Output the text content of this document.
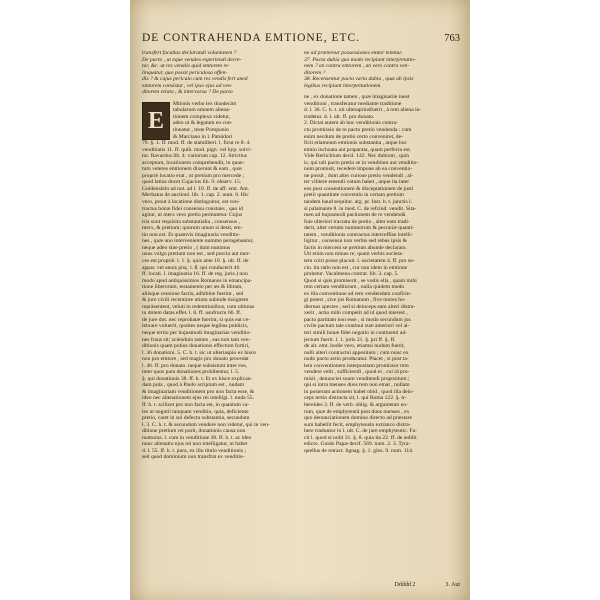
DE CONTRAHENDA EMTIONE, ETC.	763
transfert facultas declarandi voluntatem ?
De pacto , ut eque venales experiendi decre-
tur, &c. ut res venalis quid emtorem re-
linquatur, quo possit periculosa offen-
dis ? & cujus periculo cum res vendis fert aned
emtorem consistat , vel ipso ejus ad ven-
ditorem relata , & intervorsa ? De pacto
E
Mtionis verbo lex duodecim
tabularum omnem aliena-
tionem complexa videtur,
adeo ut & legatum eo con-
tineatur , teste Pomponio
& Marciano in l. Patuldori
79. §. 1. ff. mod. ff. de statuliberi. l. ficut re 8. 4.
venditiatis 11. ff. quib. mod. pign. vel hyp. solvi-
tur. Ravardus lib. 4. variorum cap. 12. Strictius
acceptum, locationem comprehendit, in quan-
tum veteres emtionem dixerunt & eam , quæ
propriè locatio erat , ut pretium pro mercede ;
quod latius docet Cujacius lib. 9. observ. 15.
Goldenslein ad not. ad l. 10. ff. de aff. emt. Ant.
Merhatus de auctioni. lib. 1. cap. 2. num. 6. Hic
vero, prout à locatione distinguitur, est con-
tractus bonæ fidei consensu constans , quo id
agitur, ut merx vero pretio permutetur. Cujus
tria sunt requisita substantialia , consensus ,
merx, & pretium; quorum unum si desit, em-
tio non est. Et quamvis imaginaria venditio-
nes , quæ uno interveniente nummo peragebantur,
neque adeo sine pretio , ( dum nummus
unus vulgo pretium non est , sed porcio aut mer-
ces est propriè. l. 1. §. quis ante 10. §. ult. ff. de
appar. vel anuis pisç. l. ß. qui conducerit 46.
ff. locati. l. imaginaria 16. ff. de reg. juris.) non
modo apud antiquissimos Romanos in emancipa-
tione liberorum, testamento per æs & libram,
aliisque cessione factis, adhibitæ fuerint , sed
& jure civili recentiore utium subinde insignem
repräsentent, veluti in redemtionibus, cum ultimas
in dotem datas effet. l. 6. ff. usufructu 66. ff.
de jure dot. nec reprobatæ fuerint, si quis eat ce-
lebrare voluerit, quoties neque legibus publicis,
neque tertio per hujusmodi imaginarias venditio-
nes fraus sit; scienduin tamen , eas non tam ven-
ditionis quam potius donationis effectum fortiri,
l. 36 donationi. 5. C. h. t. sic ut ulteriaspio ex hisce
non pro emtore , sed magis pro donato procedat
l. 46. ff. pro donato. neque subsistunt inter eos,
inter quos para donationes prohibentur, l. 5.
§. qui donationis 38. ff. h. t. Et ex hisce explican-
dam puta , quod à Paulo scriptum est , nudam
& imaginariam venditionem pro non facta esse, &
ideo nec alienationem ejus rei intelligi. l. nuda 55.
ff. h. t. scilicet pro non facta est, in quantum va-
les ut negotii tanquam venditio, quia, deficiente
pretio, caret in sui defectu substantia, secundum
l. 3. C. h. t. & secundum vendere non videtur, qui in ven-
ditione pretium rei porit, donationis causa non
matturus. l. cum in venditione 38. ff. h. t. ac ideo
nunc alienatio ejus rei non intelligatur, ut habet
d. l. 55. ff. h. t. pura, ex illo titulo venditionis ;
sed quod dominium non transfrat ex venditio-
ne ad prætereur possessiones emtor tenetur.
37. Pacta dubia quo modo recipiant interpretatio-
nem ? an contra emtorem , an vero contra ven-
ditorem ?
38. Recensentur pacta varia dubia , quæ ab ipsis
legibus recipiunt interpretationem.
ne , ex donatione tamen , quæ imaginariæ inest
venditioni , transferatur mediante traditione
d. l. 36. C. h. t. uti ulterapriusfuerit , à rem aliena lu-
tradetur. d. l. ult. ff. pro donato.
2. Dictat autem ab hoc venditionis contra-
ctu promissio de re pacto pretio vendenda : cum
enim necdum de pretio certo conveniret, de-
ficit etiamnum emtionis substantia , atque hoc
emtio inchoata aut praparata, quam perfecta est.
Vide Berlichium decil. 142. Nec dubium , quin
is, qui tali pacto pretio se in venditum aut venditio-
num promisit, recedere impune ab ea conventio-
ne possit , dum alter curiose pretio vendendi , al-
ter vilitere emendi votum habet , atque ita inter
eos post consentionem & disceptationem de justi
pretii quantitate conventio in certam pretium
tandem haud sequitur. arg. pr. Inst. h. t. junctis l.
si palamante 8. in med. C. de refcind. vendit. Sita-
men ad hujusmodi pactionem de re vendendâ
fuie ulteriori tractatu de pretio , alter eam tradi-
derit, alter certam nummorum & pecuniæ quanti-
tatem , venditionis contractus interceffise intelli-
ligitur , consensu non verbis sed rebus ipsis &
factis in merceni se pretium abunde declarato.
Uti enim non minus re, quam verbis societa-
tem coiri posse placuit. l. societatem 4. ff. pro so-
cio. ita ratio non est , cur non idem in emtione
probetur. Vacalmena contrat. lib. 3. cap. 5.
Quod si quis promiserit , se vodis ella , quam mihi
rem certam venditurum , nulla quidem modo
ex illa conventione ad rem vendendam confirin-
gi potest , sive jus Romanum , five mores ho-
diernos spectes ; sed si deinceps eam alteri distra-
xerit , actio mihi competit ad id quod interest ,
pacto partitam non esse , si modo secundum jus
civile pactum tale continui suæ anteriori vel al-
teri simili bonæ fidei negotio in continenti ad-
jectum fuerit. l. 1. juris 21. §. pri ff. §. ff.
de ait. emt. hodie vero, etiamsi nudum fuerit,
nulli alteri contractui appositum ; cum nunc ex
nudo pacto actio producatur. Placet , si post ta-
lem conventionem interpositam promissor rem
vendere velit , sufficiendi , quod ei , cui id pro-
misit , denunciet suum venditendi propositum ;
qui si intra menses duos rem non emat , nullam
in posteram actionem habet obid , quod illa dein-
ceps tertio distracta sit, l. qui Roma 122. §. tr-
bereides 3. ff. de verb. oblig. & argumento eo-
rum, quæ de emphyteutâ post duos menses , ex
quo denunciationem domino directo ad præstare
sum habetiit fecit, emphyteusin extranco distra-
here traduntur in l. ult. C. de jure emphyteutic. Fa-
cit l. quod si nolit 31. §. 8. quia ita 22. ff. de ædilit.
edicto. Guido Papæ decif. 569. num. 2. 3. Tyra-
quellus de retract. lignag. §. 1. glos. 9. num. 114.
Ddddd 2	3. Aut
